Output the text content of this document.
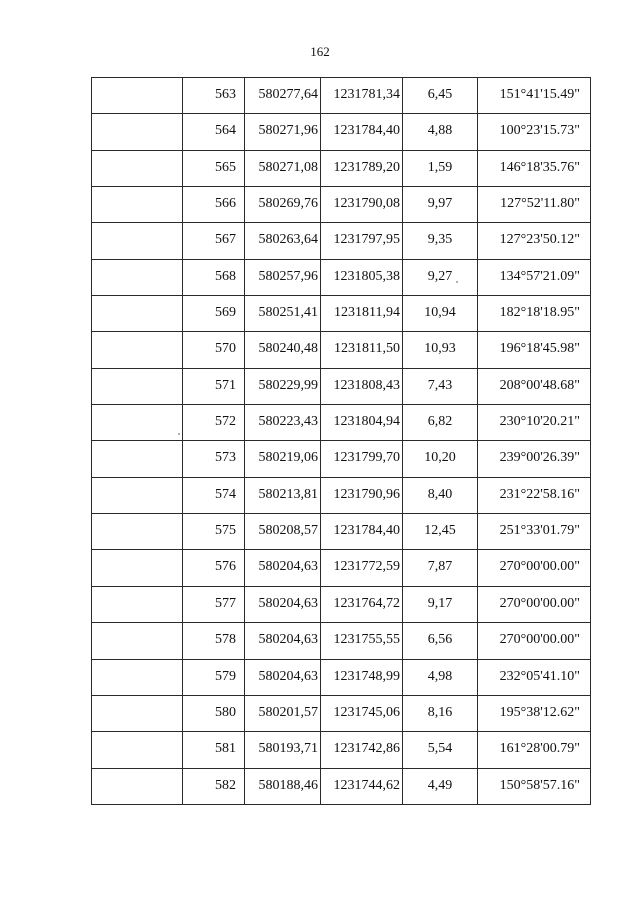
162
	563	580277,64	1231781,34	6,45	151°41'15.49"
	564	580271,96	1231784,40	4,88	100°23'15.73"
	565	580271,08	1231789,20	1,59	146°18'35.76"
	566	580269,76	1231790,08	9,97	127°52'11.80"
	567	580263,64	1231797,95	9,35	127°23'50.12"
	568	580257,96	1231805,38	9,27	134°57'21.09"
	569	580251,41	1231811,94	10,94	182°18'18.95"
	570	580240,48	1231811,50	10,93	196°18'45.98"
	571	580229,99	1231808,43	7,43	208°00'48.68"
	572	580223,43	1231804,94	6,82	230°10'20.21"
	573	580219,06	1231799,70	10,20	239°00'26.39"
	574	580213,81	1231790,96	8,40	231°22'58.16"
	575	580208,57	1231784,40	12,45	251°33'01.79"
	576	580204,63	1231772,59	7,87	270°00'00.00"
	577	580204,63	1231764,72	9,17	270°00'00.00"
	578	580204,63	1231755,55	6,56	270°00'00.00"
	579	580204,63	1231748,99	4,98	232°05'41.10"
	580	580201,57	1231745,06	8,16	195°38'12.62"
	581	580193,71	1231742,86	5,54	161°28'00.79"
	582	580188,46	1231744,62	4,49	150°58'57.16"
